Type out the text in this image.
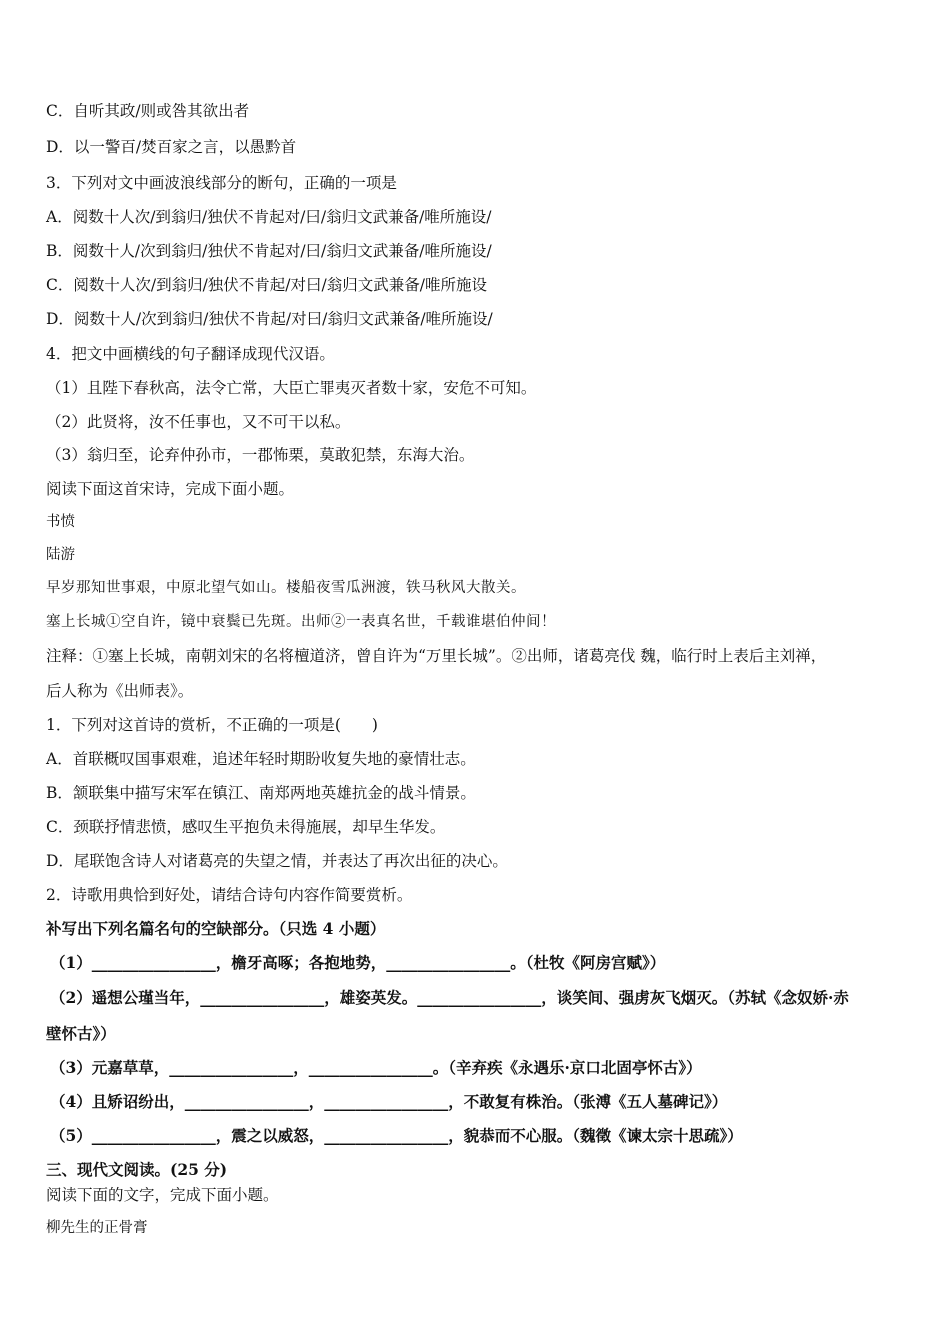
C．自听其政/则或咎其欲出者
D．以一警百/焚百家之言，以愚黔首
3．下列对文中画波浪线部分的断句，正确的一项是
A．阅数十人次/到翁归/独伏不肯起对/曰/翁归文武兼备/唯所施设/
B．阅数十人/次到翁归/独伏不肯起对/曰/翁归文武兼备/唯所施设/
C．阅数十人次/到翁归/独伏不肯起/对曰/翁归文武兼备/唯所施设
D．阅数十人/次到翁归/独伏不肯起/对曰/翁归文武兼备/唯所施设/
4．把文中画横线的句子翻译成现代汉语。
（1）且陛下春秋高，法令亡常，大臣亡罪夷灭者数十家，安危不可知。
（2）此贤将，汝不任事也，又不可干以私。
（3）翁归至，论弃仲孙市，一郡怖栗，莫敢犯禁，东海大治。
阅读下面这首宋诗，完成下面小题。
书愤
陆游
早岁那知世事艰，中原北望气如山。楼船夜雪瓜洲渡，铁马秋风大散关。
塞上长城①空自许，镜中衰鬓已先斑。出师②一表真名世，千载谁堪伯仲间！
注释：①塞上长城，南朝刘宋的名将檀道济，曾自许为“万里长城”。②出师，诸葛亮伐 魏，临行时上表后主刘禅，
后人称为《出师表》。
1．下列对这首诗的赏析，不正确的一项是(　　)
A．首联概叹国事艰难，追述年轻时期盼收复失地的豪情壮志。
B．颔联集中描写宋军在镇江、南郑两地英雄抗金的战斗情景。
C．颈联抒情悲愤，感叹生平抱负未得施展，却早生华发。
D．尾联饱含诗人对诸葛亮的失望之情，并表达了再次出征的决心。
2．诗歌用典恰到好处，请结合诗句内容作简要赏析。
补写出下列名篇名句的空缺部分。（只选 4 小题）
（1）________________，檐牙高啄；各抱地势，________________。（杜牧《阿房宫赋》）
（2）遥想公瑾当年，________________，雄姿英发。________________，谈笑间、强虏灰飞烟灭。（苏轼《念奴娇·赤
壁怀古》）
（3）元嘉草草，________________，________________。（辛弃疾《永遇乐·京口北固亭怀古》）
（4）且矫诏纷出，________________，________________，不敢复有株治。（张溥《五人墓碑记》）
（5）________________，震之以威怒，________________，貌恭而不心服。（魏徵《谏太宗十思疏》）
三、现代文阅读。(25 分)
阅读下面的文字，完成下面小题。
柳先生的正骨膏
